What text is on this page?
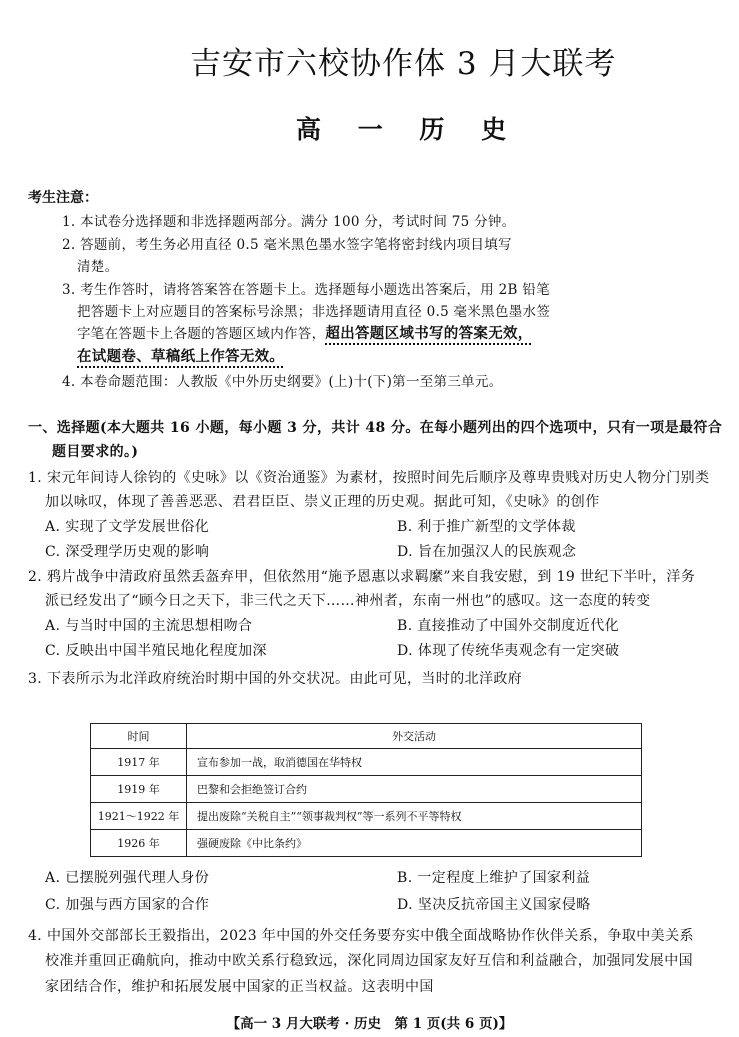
吉安市六校协作体 3 月大联考
高 一 历 史
考生注意：
1. 本试卷分选择题和非选择题两部分。满分 100 分，考试时间 75 分钟。
2. 答题前，考生务必用直径 0.5 毫米黑色墨水签字笔将密封线内项目填写
清楚。
3. 考生作答时，请将答案答在答题卡上。选择题每小题选出答案后，用 2B 铅笔
把答题卡上对应题目的答案标号涂黑；非选择题请用直径 0.5 毫米黑色墨水签
字笔在答题卡上各题的答题区域内作答，超出答题区域书写的答案无效，
在试题卷、草稿纸上作答无效。
4. 本卷命题范围：人教版《中外历史纲要》(上)十(下)第一至第三单元。
一、选择题(本大题共 16 小题，每小题 3 分，共计 48 分。在每小题列出的四个选项中，只有一项是最符合
题目要求的。)
1. 宋元年间诗人徐钧的《史咏》以《资治通鉴》为素材，按照时间先后顺序及尊卑贵贱对历史人物分门别类
加以咏叹，体现了善善恶恶、君君臣臣、崇义正理的历史观。据此可知，《史咏》的创作
A. 实现了文学发展世俗化	B. 利于推广新型的文学体裁
C. 深受理学历史观的影响	D. 旨在加强汉人的民族观念
2. 鸦片战争中清政府虽然丢盔弃甲，但依然用“施予恩惠以求羁縻”来自我安慰，到 19 世纪下半叶，洋务
派已经发出了“顾今日之天下，非三代之天下……神州者，东南一州也”的感叹。这一态度的转变
A. 与当时中国的主流思想相吻合	B. 直接推动了中国外交制度近代化
C. 反映出中国半殖民地化程度加深	D. 体现了传统华夷观念有一定突破
3. 下表所示为北洋政府统治时期中国的外交状况。由此可见，当时的北洋政府
时间	外交活动
1917 年	宣布参加一战，取消德国在华特权
1919 年	巴黎和会拒绝签订合约
1921～1922 年	提出废除“关税自主”“领事裁判权”等一系列不平等特权
1926 年	强硬废除《中比条约》
A. 已摆脱列强代理人身份	B. 一定程度上维护了国家利益
C. 加强与西方国家的合作	D. 坚决反抗帝国主义国家侵略
4. 中国外交部部长王毅指出，2023 年中国的外交任务要夯实中俄全面战略协作伙伴关系，争取中美关系
校准并重回正确航向，推动中欧关系行稳致远，深化同周边国家友好互信和利益融合，加强同发展中国
家团结合作，维护和拓展发展中国家的正当权益。这表明中国
【高一 3 月大联考 · 历史　第 1 页(共 6 页)】
